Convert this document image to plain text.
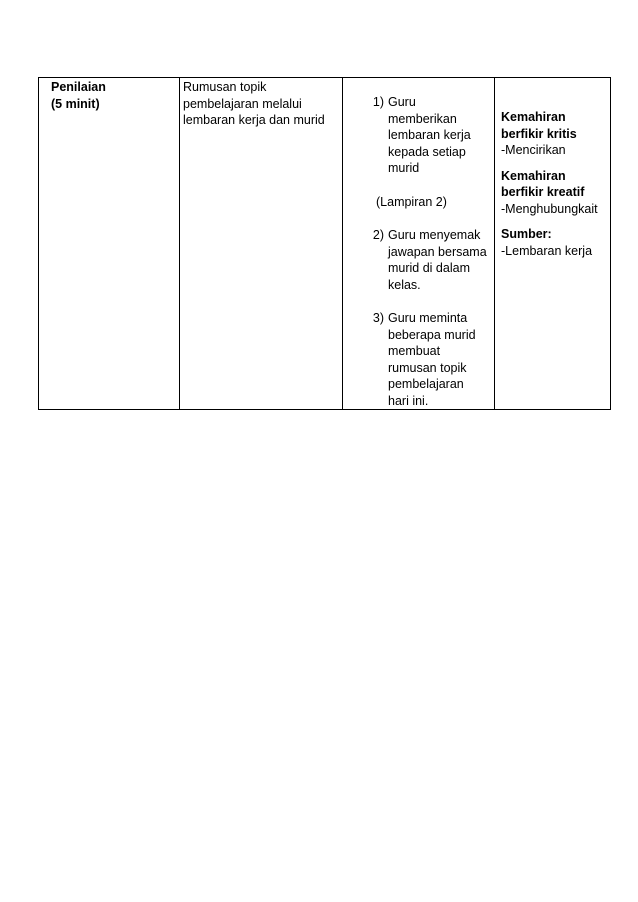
Penilaian
(5 minit)

Rumusan topik
pembelajaran melalui
lembaran kerja dan murid

1) Guru
memberikan
lembaran kerja
kepada setiap
murid
(Lampiran 2)
2) Guru menyemak
jawapan bersama
murid di dalam
kelas.
3) Guru meminta
beberapa murid
membuat
rumusan topik
pembelajaran
hari ini.

Kemahiran
berfikir kritis
-Mencirikan
Kemahiran
berfikir kreatif
-Menghubungkait
Sumber:
-Lembaran kerja
